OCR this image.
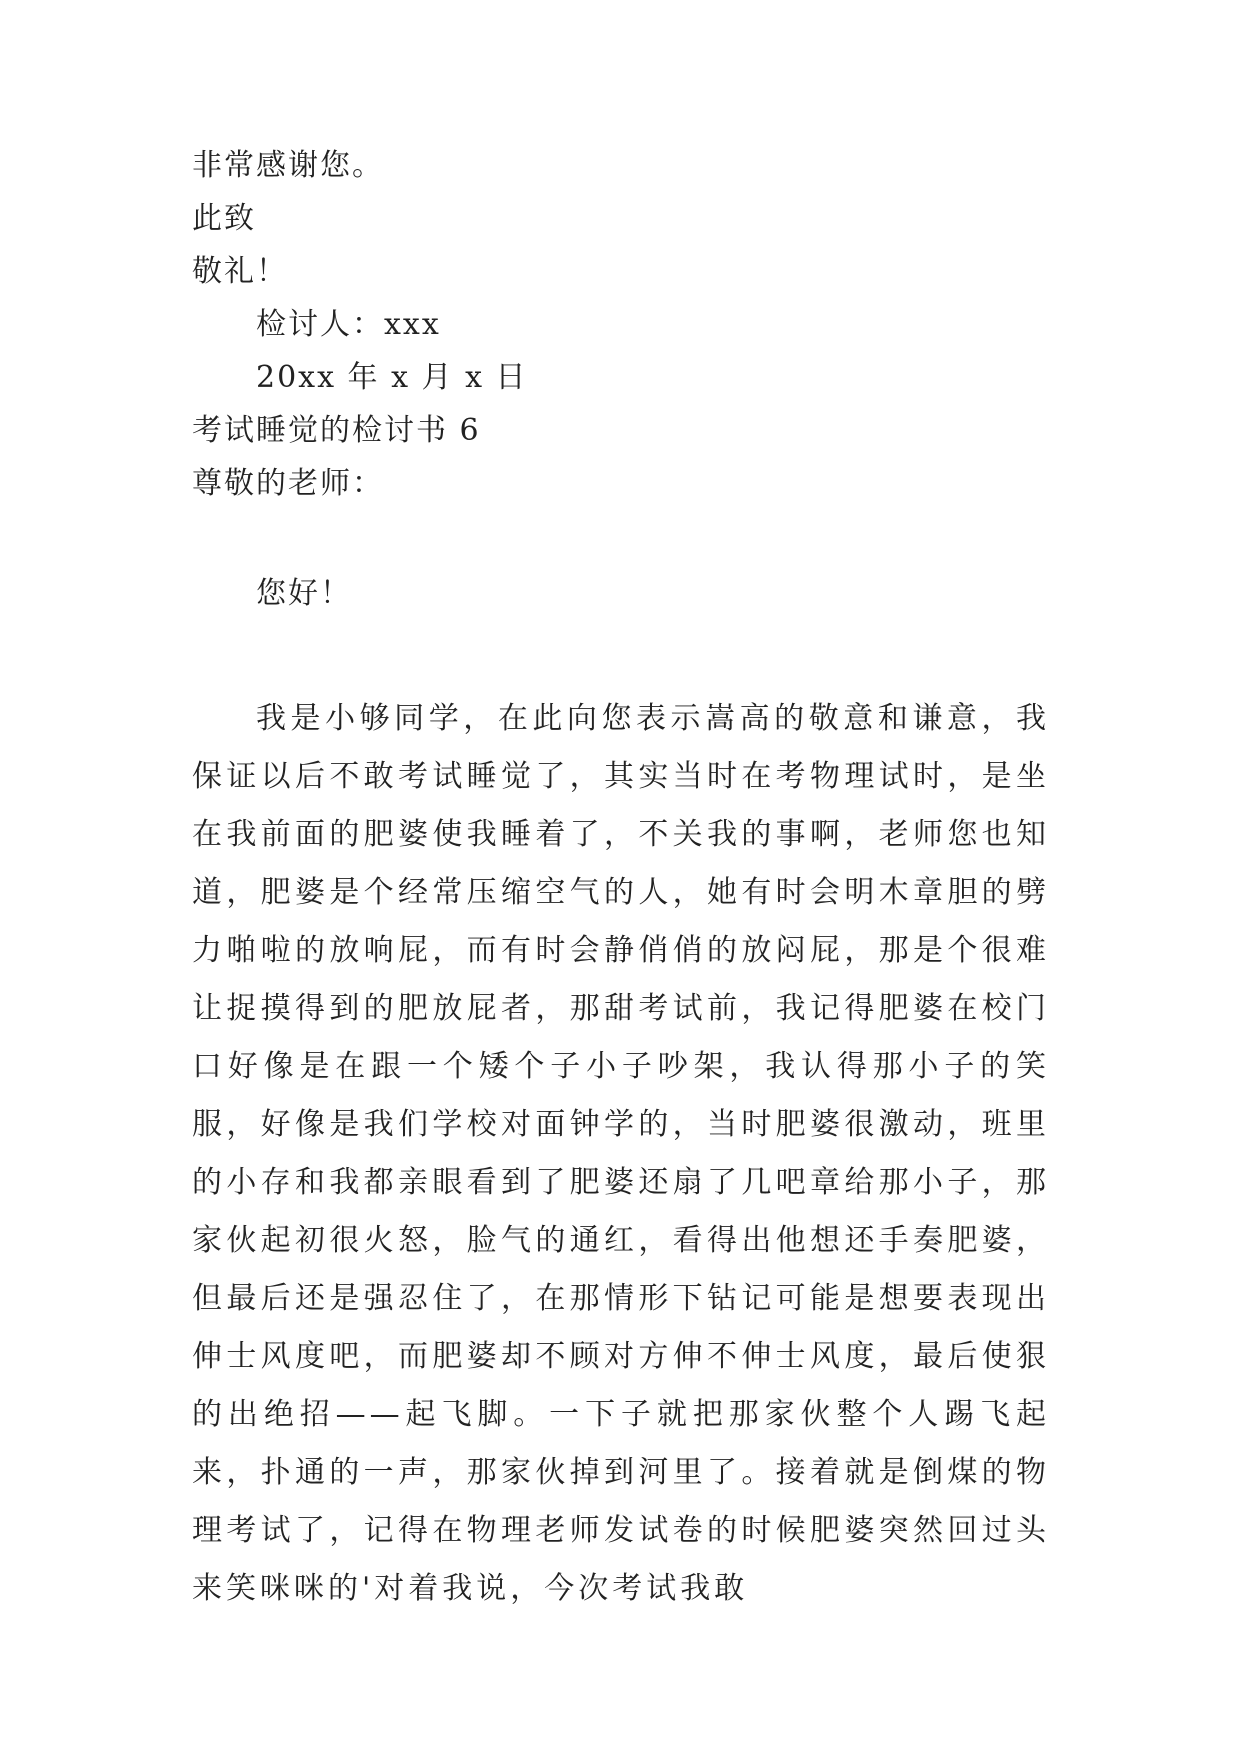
非常感谢您。
此致
敬礼！
检讨人：xxx
20xx 年 x 月 x 日
考试睡觉的检讨书 6
尊敬的老师：
您好！
我是小够同学，在此向您表示嵩高的敬意和谦意，我保证以后不敢考试睡觉了，其实当时在考物理试时，是坐在我前面的肥婆使我睡着了，不关我的事啊，老师您也知道，肥婆是个经常压缩空气的人，她有时会明木章胆的劈力啪啦的放响屁，而有时会静俏俏的放闷屁，那是个很难让捉摸得到的肥放屁者，那甜考试前，我记得肥婆在校门口好像是在跟一个矮个子小子吵架，我认得那小子的笑服，好像是我们学校对面钟学的，当时肥婆很激动，班里的小存和我都亲眼看到了肥婆还扇了几吧章给那小子，那家伙起初很火怒，脸气的通红，看得出他想还手奏肥婆，但最后还是强忍住了，在那情形下钻记可能是想要表现出伸士风度吧，而肥婆却不顾对方伸不伸士风度，最后使狠的出绝招——起飞脚。一下子就把那家伙整个人踢飞起来，扑通的一声，那家伙掉到河里了。接着就是倒煤的物理考试了，记得在物理老师发试卷的时候肥婆突然回过头来笑咪咪的'对着我说，今次考试我敢
